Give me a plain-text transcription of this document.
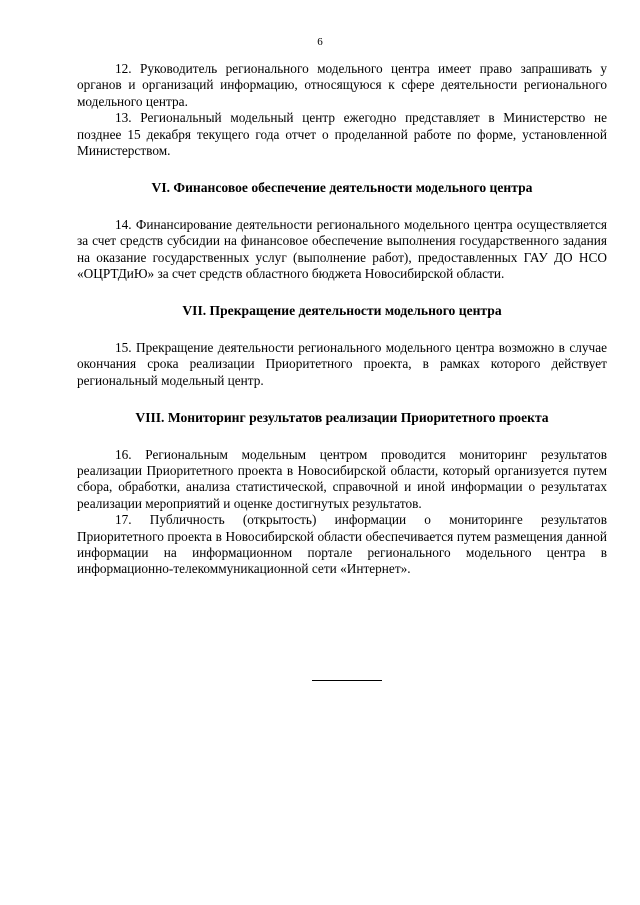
6

12. Руководитель регионального модельного центра имеет право запрашивать у органов и организаций информацию, относящуюся к сфере деятельности регионального модельного центра.

13. Региональный модельный центр ежегодно представляет в Министерство не позднее 15 декабря текущего года отчет о проделанной работе по форме, установленной Министерством.

VI. Финансовое обеспечение деятельности модельного центра

14. Финансирование деятельности регионального модельного центра осуществляется за счет средств субсидии на финансовое обеспечение выполнения государственного задания на оказание государственных услуг (выполнение работ), предоставленных ГАУ ДО НСО «ОЦРТДиЮ» за счет средств областного бюджета Новосибирской области.

VII. Прекращение деятельности модельного центра

15. Прекращение деятельности регионального модельного центра возможно в случае окончания срока реализации Приоритетного проекта, в рамках которого действует региональный модельный центр.

VIII. Мониторинг результатов реализации Приоритетного проекта

16. Региональным модельным центром проводится мониторинг результатов реализации Приоритетного проекта в Новосибирской области, который организуется путем сбора, обработки, анализа статистической, справочной и иной информации о результатах реализации мероприятий и оценке достигнутых результатов.

17. Публичность (открытость) информации о мониторинге результатов Приоритетного проекта в Новосибирской области обеспечивается путем размещения данной информации на информационном портале регионального модельного центра в информационно-телекоммуникационной сети «Интернет».
